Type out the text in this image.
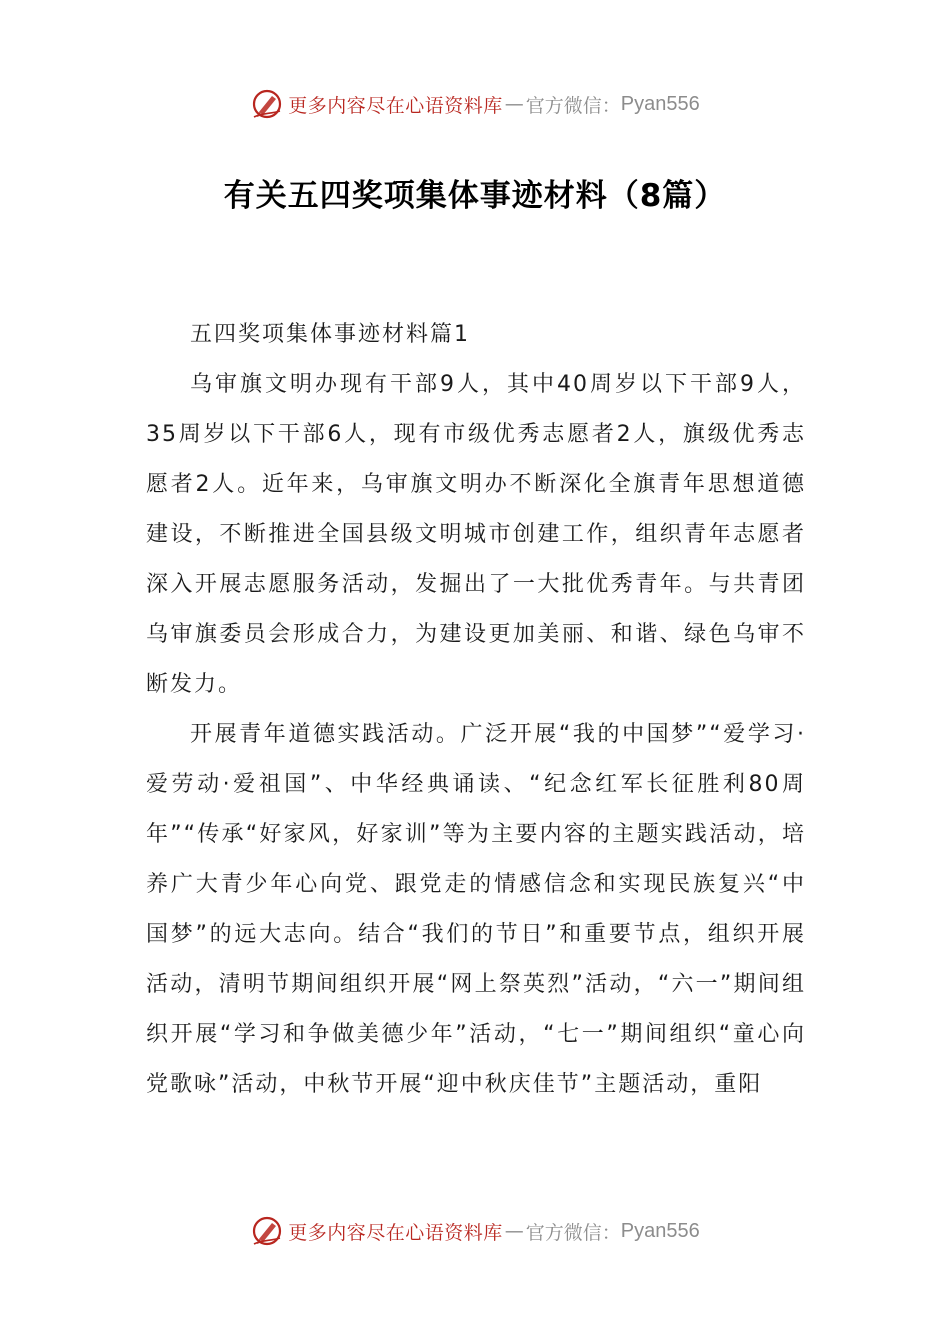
更多内容尽在心语资料库 — 官方微信： Pyan556
有关五四奖项集体事迹材料（8篇）

五四奖项集体事迹材料篇1

乌审旗文明办现有干部9人，其中40周岁以下干部9人，35周岁以下干部6人，现有市级优秀志愿者2人，旗级优秀志愿者2人。近年来，乌审旗文明办不断深化全旗青年思想道德建设，不断推进全国县级文明城市创建工作，组织青年志愿者深入开展志愿服务活动，发掘出了一大批优秀青年。与共青团乌审旗委员会形成合力，为建设更加美丽、和谐、绿色乌审不断发力。

开展青年道德实践活动。广泛开展“我的中国梦”“爱学习·爱劳动·爱祖国”、中华经典诵读、“纪念红军长征胜利80周年”“传承“好家风，好家训”等为主要内容的主题实践活动，培养广大青少年心向党、跟党走的情感信念和实现民族复兴“中国梦”的远大志向。结合“我们的节日”和重要节点，组织开展活动，清明节期间组织开展“网上祭英烈”活动，“六一”期间组织开展“学习和争做美德少年”活动，“七一”期间组织“童心向党歌咏”活动，中秋节开展“迎中秋庆佳节”主题活动，重阳

更多内容尽在心语资料库 — 官方微信： Pyan556
